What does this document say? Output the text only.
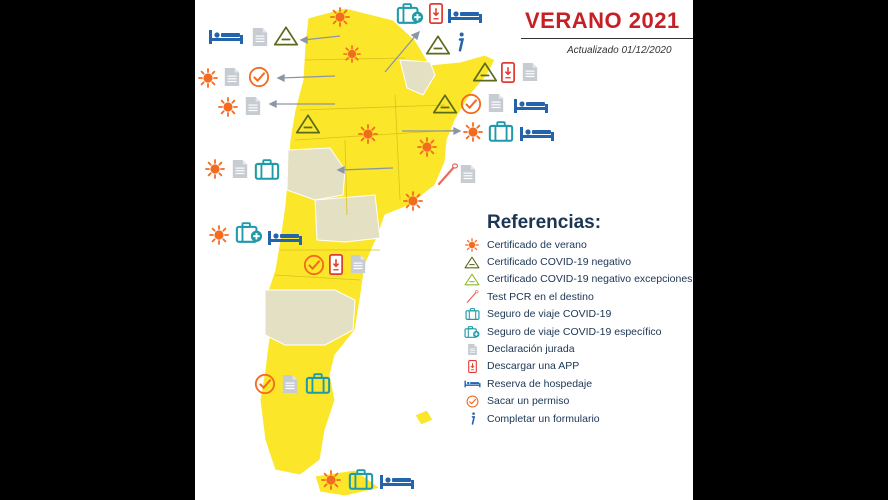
VERANO 2021
Actualizado 01/12/2020
Referencias:
Certificado de verano
Certificado COVID-19 negativo
Certificado COVID-19 negativo excepciones
Test PCR en el destino
Seguro de viaje COVID-19
Seguro de viaje COVID-19 específico
Declaración jurada
Descargar una APP
Reserva de hospedaje
Sacar un permiso
Completar un formulario
